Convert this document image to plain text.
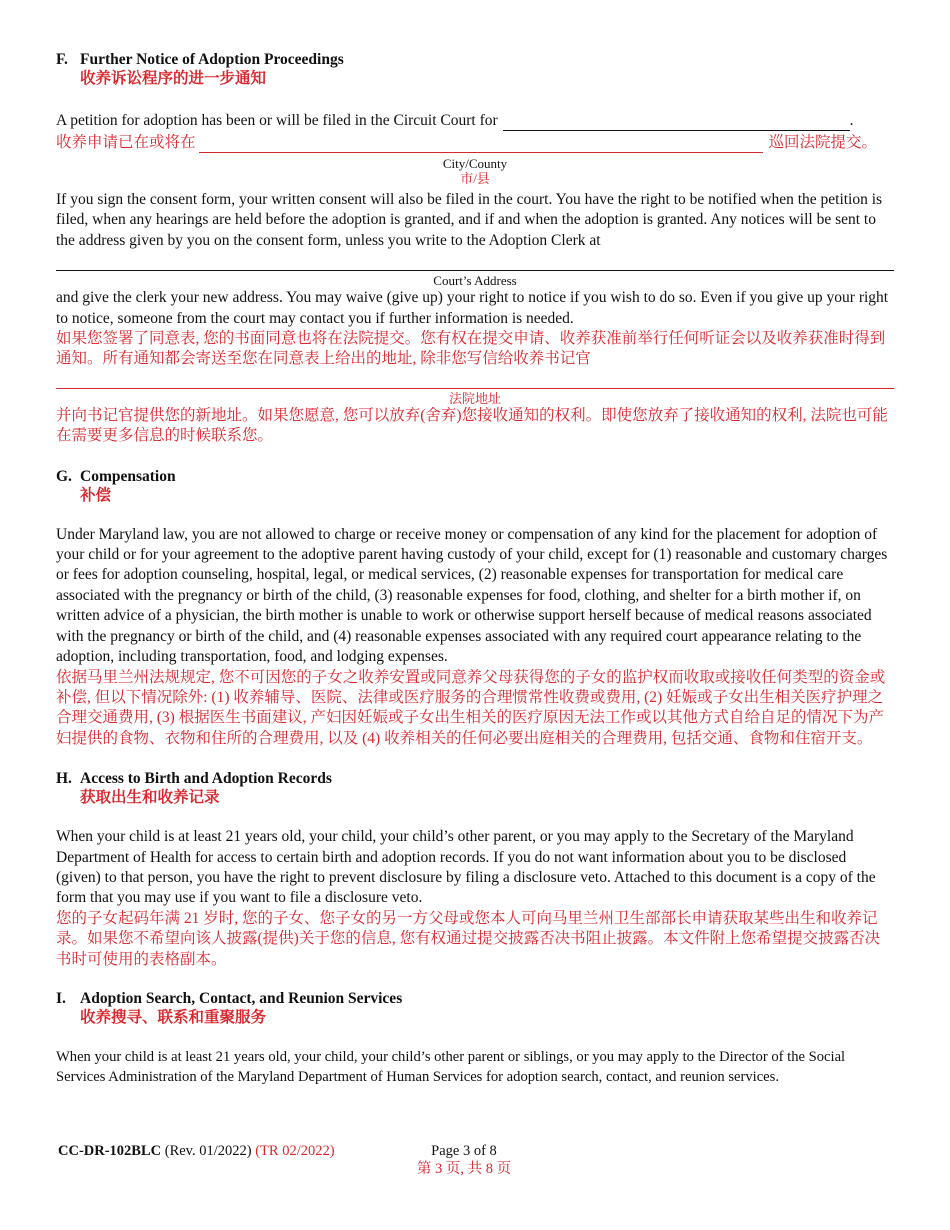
F. Further Notice of Adoption Proceedings
收养诉讼程序的进一步通知
A petition for adoption has been or will be filed in the Circuit Court for	.
收养申请已在或将在	巡回法院提交。
City/County
市/县

If you sign the consent form, your written consent will also be filed in the court. You have the right to be notified when the petition is filed, when any hearings are held before the adoption is granted, and if and when the adoption is granted. Any notices will be sent to the address given by you on the consent form, unless you write to the Adoption Clerk at

Court’s Address

and give the clerk your new address. You may waive (give up) your right to notice if you wish to do so. Even if you give up your right to notice, someone from the court may contact you if further information is needed.

如果您签署了同意表, 您的书面同意也将在法院提交。您有权在提交申请、收养获准前举行任何听证会以及收养获准时得到通知。所有通知都会寄送至您在同意表上给出的地址, 除非您写信给收养书记官

法院地址

并向书记官提供您的新地址。如果您愿意, 您可以放弃(舍弃)您接收通知的权利。即使您放弃了接收通知的权利, 法院也可能在需要更多信息的时候联系您。

G. Compensation
补偿

Under Maryland law, you are not allowed to charge or receive money or compensation of any kind for the placement for adoption of your child or for your agreement to the adoptive parent having custody of your child, except for (1) reasonable and customary charges or fees for adoption counseling, hospital, legal, or medical services, (2) reasonable expenses for transportation for medical care associated with the pregnancy or birth of the child, (3) reasonable expenses for food, clothing, and shelter for a birth mother if, on written advice of a physician, the birth mother is unable to work or otherwise support herself because of medical reasons associated with the pregnancy or birth of the child, and (4) reasonable expenses associated with any required court appearance relating to the adoption, including transportation, food, and lodging expenses.

依据马里兰州法规规定, 您不可因您的子女之收养安置或同意养父母获得您的子女的监护权而收取或接收任何类型的资金或补偿, 但以下情况除外: (1) 收养辅导、医院、法律或医疗服务的合理惯常性收费或费用, (2) 妊娠或子女出生相关医疗护理之合理交通费用, (3) 根据医生书面建议, 产妇因妊娠或子女出生相关的医疗原因无法工作或以其他方式自给自足的情况下为产妇提供的食物、衣物和住所的合理费用, 以及 (4) 收养相关的任何必要出庭相关的合理费用, 包括交通、食物和住宿开支。

H. Access to Birth and Adoption Records
获取出生和收养记录

When your child is at least 21 years old, your child, your child’s other parent, or you may apply to the Secretary of the Maryland Department of Health for access to certain birth and adoption records. If you do not want information about you to be disclosed (given) to that person, you have the right to prevent disclosure by filing a disclosure veto. Attached to this document is a copy of the form that you may use if you want to file a disclosure veto.

您的子女起码年满 21 岁时, 您的子女、您子女的另一方父母或您本人可向马里兰州卫生部部长申请获取某些出生和收养记录。如果您不希望向该人披露(提供)关于您的信息, 您有权通过提交披露否决书阻止披露。本文件附上您希望提交披露否决书时可使用的表格副本。

I. Adoption Search, Contact, and Reunion Services
收养搜寻、联系和重聚服务

When your child is at least 21 years old, your child, your child’s other parent or siblings, or you may apply to the Director of the Social Services Administration of the Maryland Department of Human Services for adoption search, contact, and reunion services.

CC-DR-102BLC (Rev. 01/2022) (TR 02/2022)	Page 3 of 8
第 3 页, 共 8 页
